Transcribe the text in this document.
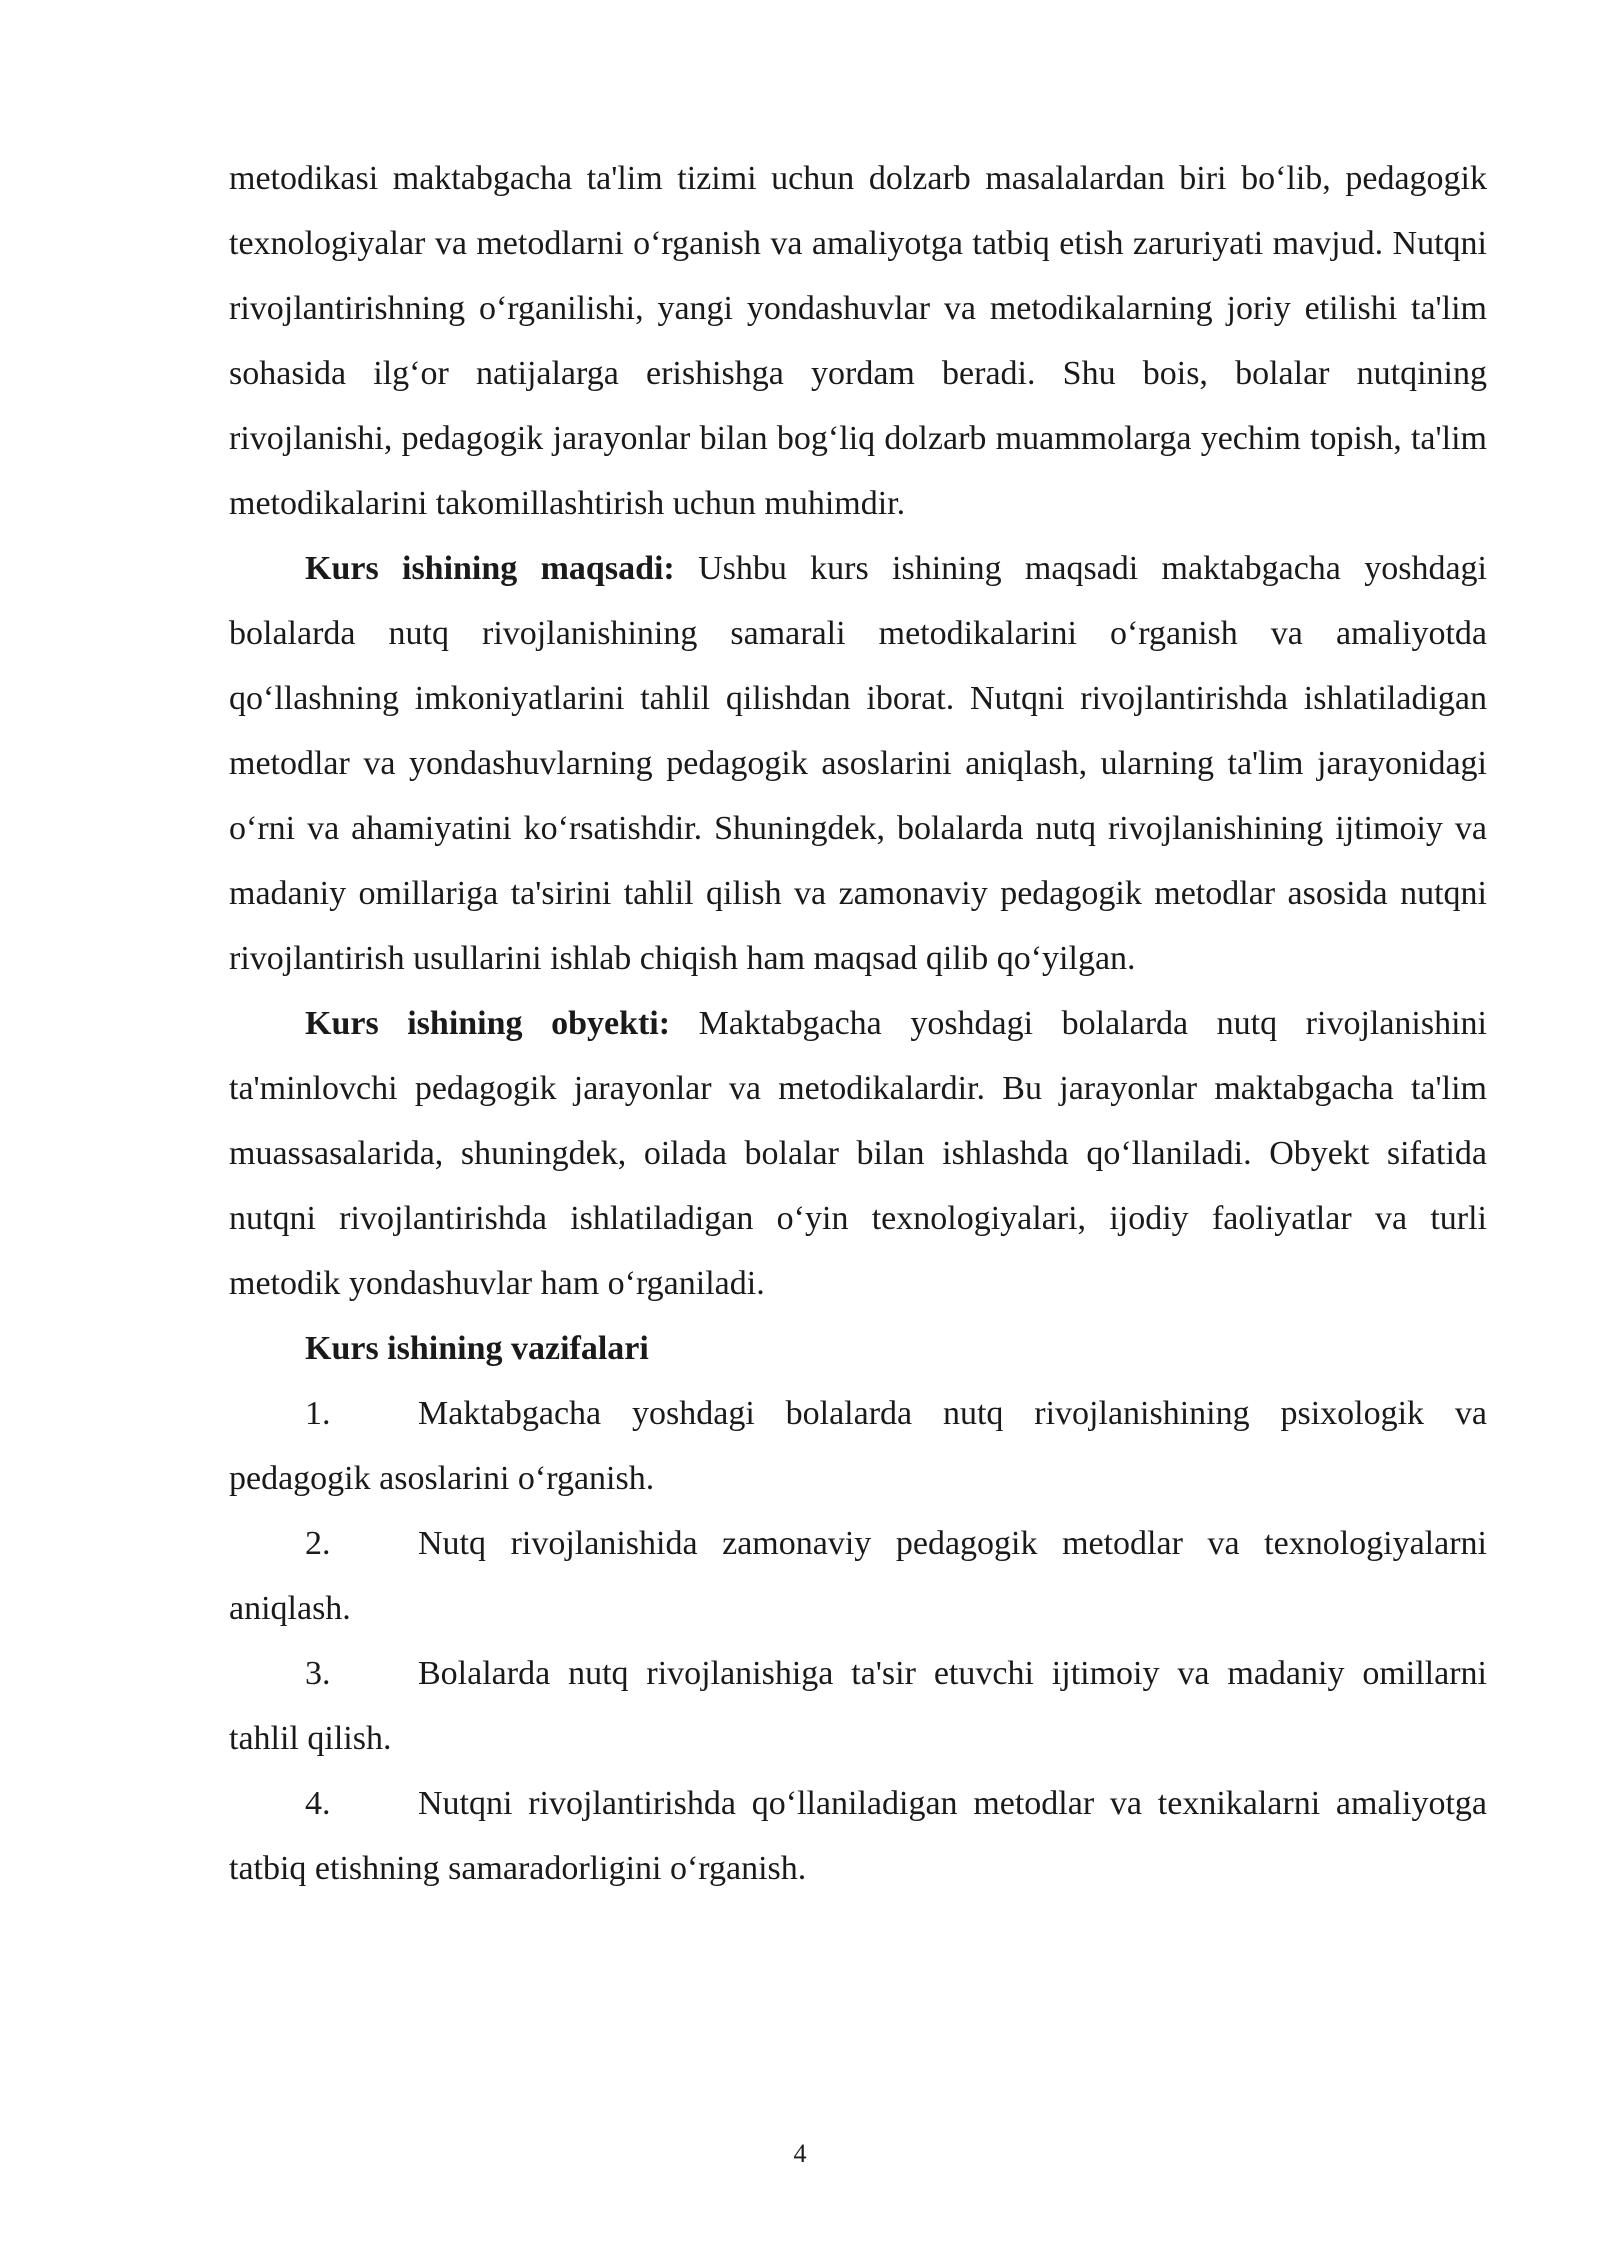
metodikasi maktabgacha ta'lim tizimi uchun dolzarb masalalardan biri bo‘lib, pedagogik texnologiyalar va metodlarni o‘rganish va amaliyotga tatbiq etish zaruriyati mavjud. Nutqni rivojlantirishning o‘rganilishi, yangi yondashuvlar va metodikalarning joriy etilishi ta'lim sohasida ilg‘or natijalarga erishishga yordam beradi. Shu bois, bolalar nutqining rivojlanishi, pedagogik jarayonlar bilan bog‘liq dolzarb muammolarga yechim topish, ta'lim metodikalarini takomillashtirish uchun muhimdir.

Kurs ishining maqsadi: Ushbu kurs ishining maqsadi maktabgacha yoshdagi bolalarda nutq rivojlanishining samarali metodikalarini o‘rganish va amaliyotda qo‘llashning imkoniyatlarini tahlil qilishdan iborat. Nutqni rivojlantirishda ishlatiladigan metodlar va yondashuvlarning pedagogik asoslarini aniqlash, ularning ta'lim jarayonidagi o‘rni va ahamiyatini ko‘rsatishdir. Shuningdek, bolalarda nutq rivojlanishining ijtimoiy va madaniy omillariga ta'sirini tahlil qilish va zamonaviy pedagogik metodlar asosida nutqni rivojlantirish usullarini ishlab chiqish ham maqsad qilib qo‘yilgan.

Kurs ishining obyekti: Maktabgacha yoshdagi bolalarda nutq rivojlanishini ta'minlovchi pedagogik jarayonlar va metodikalardir. Bu jarayonlar maktabgacha ta'lim muassasalarida, shuningdek, oilada bolalar bilan ishlashda qo‘llaniladi. Obyekt sifatida nutqni rivojlantirishda ishlatiladigan o‘yin texnologiyalari, ijodiy faoliyatlar va turli metodik yondashuvlar ham o‘rganiladi.

Kurs ishining vazifalari

1.	Maktabgacha yoshdagi bolalarda nutq rivojlanishining psixologik va pedagogik asoslarini o‘rganish.

2.	Nutq rivojlanishida zamonaviy pedagogik metodlar va texnologiyalarni aniqlash.

3.	Bolalarda nutq rivojlanishiga ta'sir etuvchi ijtimoiy va madaniy omillarni tahlil qilish.

4.	Nutqni rivojlantirishda qo‘llaniladigan metodlar va texnikalarni amaliyotga tatbiq etishning samaradorligini o‘rganish.

4
